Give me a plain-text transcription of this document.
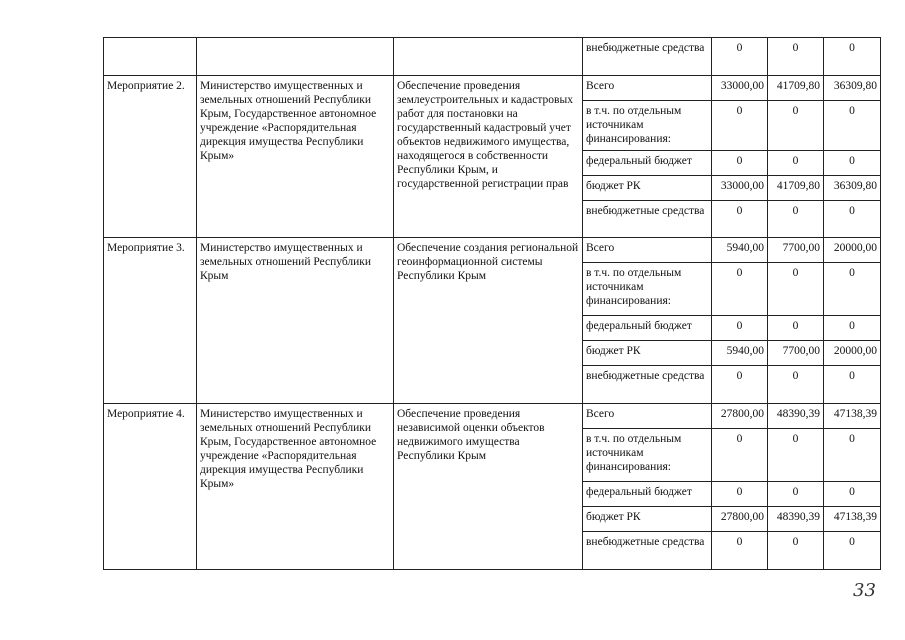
			внебюджетные средства	0	0	0
Мероприятие 2.	Министерство имущественных и земельных отношений Республики Крым, Государственное автономное учреждение «Распорядительная дирекция имущества Республики Крым»	Обеспечение проведения землеустроительных и кадастровых работ для постановки на государственный кадастровый учет объектов недвижимого имущества, находящегося в собственности Республики Крым, и государственной регистрации прав	Всего	33000,00	41709,80	36309,80
			в т.ч. по отдельным источникам финансирования:	0	0	0
			федеральный бюджет	0	0	0
			бюджет РК	33000,00	41709,80	36309,80
			внебюджетные средства	0	0	0
Мероприятие 3.	Министерство имущественных и земельных отношений Республики Крым	Обеспечение создания региональной геоинформационной системы Республики Крым	Всего	5940,00	7700,00	20000,00
			в т.ч. по отдельным источникам финансирования:	0	0	0
			федеральный бюджет	0	0	0
			бюджет РК	5940,00	7700,00	20000,00
			внебюджетные средства	0	0	0
Мероприятие 4.	Министерство имущественных и земельных отношений Республики Крым, Государственное автономное учреждение «Распорядительная дирекция имущества Республики Крым»	Обеспечение проведения независимой оценки объектов недвижимого имущества Республики Крым	Всего	27800,00	48390,39	47138,39
			в т.ч. по отдельным источникам финансирования:	0	0	0
			федеральный бюджет	0	0	0
			бюджет РК	27800,00	48390,39	47138,39
			внебюджетные средства	0	0	0
33
